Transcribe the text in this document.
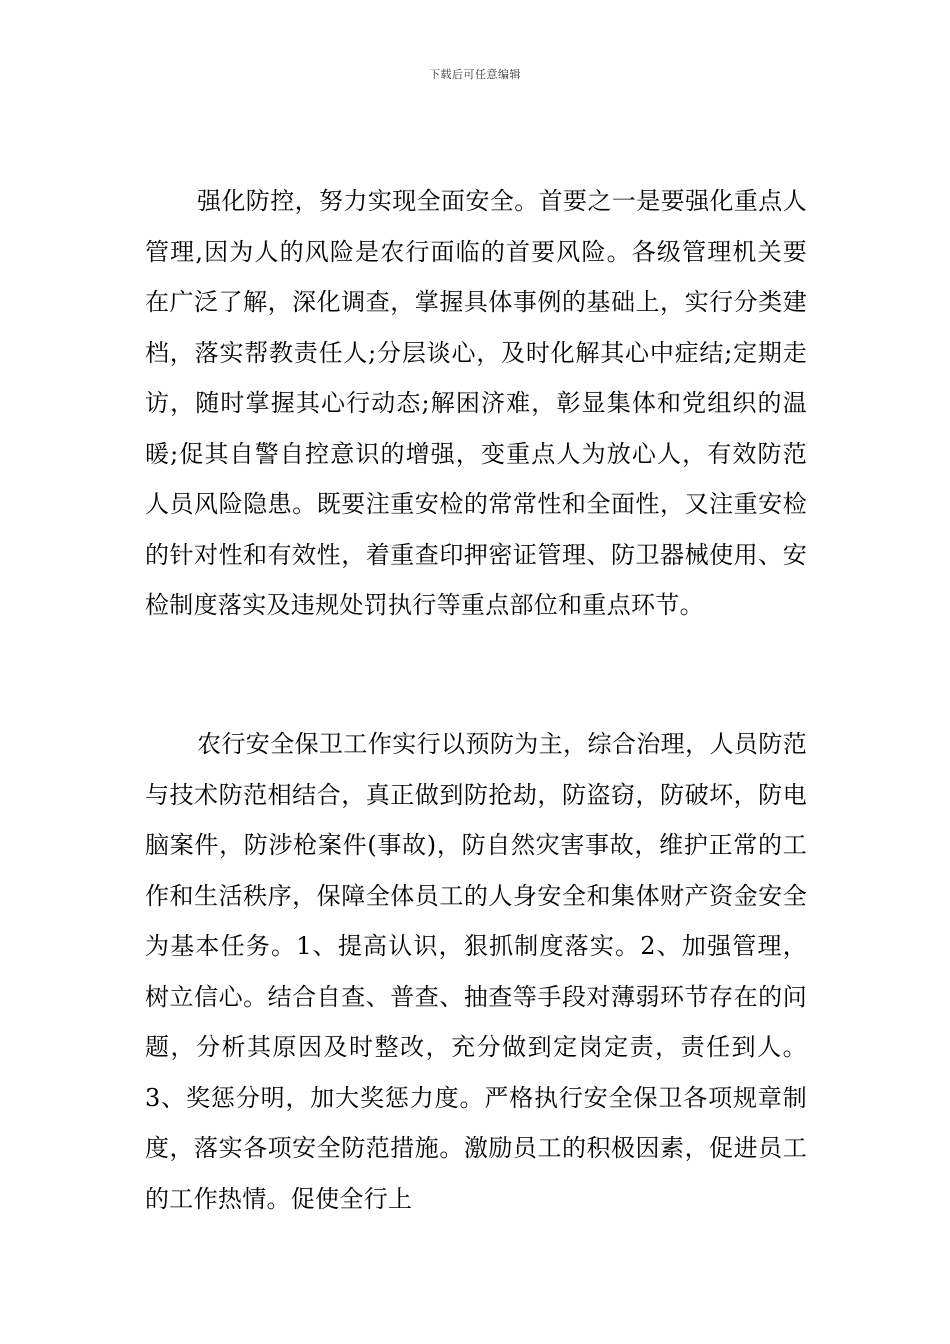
下载后可任意编辑

强化防控，努力实现全面安全。首要之一是要强化重点人管理,因为人的风险是农行面临的首要风险。各级管理机关要在广泛了解，深化调查，掌握具体事例的基础上，实行分类建档，落实帮教责任人;分层谈心，及时化解其心中症结;定期走访，随时掌握其心行动态;解困济难，彰显集体和党组织的温暖;促其自警自控意识的增强，变重点人为放心人，有效防范人员风险隐患。既要注重安检的常常性和全面性，又注重安检的针对性和有效性，着重查印押密证管理、防卫器械使用、安检制度落实及违规处罚执行等重点部位和重点环节。

农行安全保卫工作实行以预防为主，综合治理，人员防范与技术防范相结合，真正做到防抢劫，防盗窃，防破坏，防电脑案件，防涉枪案件(事故)，防自然灾害事故，维护正常的工作和生活秩序，保障全体员工的人身安全和集体财产资金安全为基本任务。1、提高认识，狠抓制度落实。2、加强管理，树立信心。结合自查、普查、抽查等手段对薄弱环节存在的问题，分析其原因及时整改，充分做到定岗定责，责任到人。3、奖惩分明，加大奖惩力度。严格执行安全保卫各项规章制度，落实各项安全防范措施。激励员工的积极因素，促进员工的工作热情。促使全行上
